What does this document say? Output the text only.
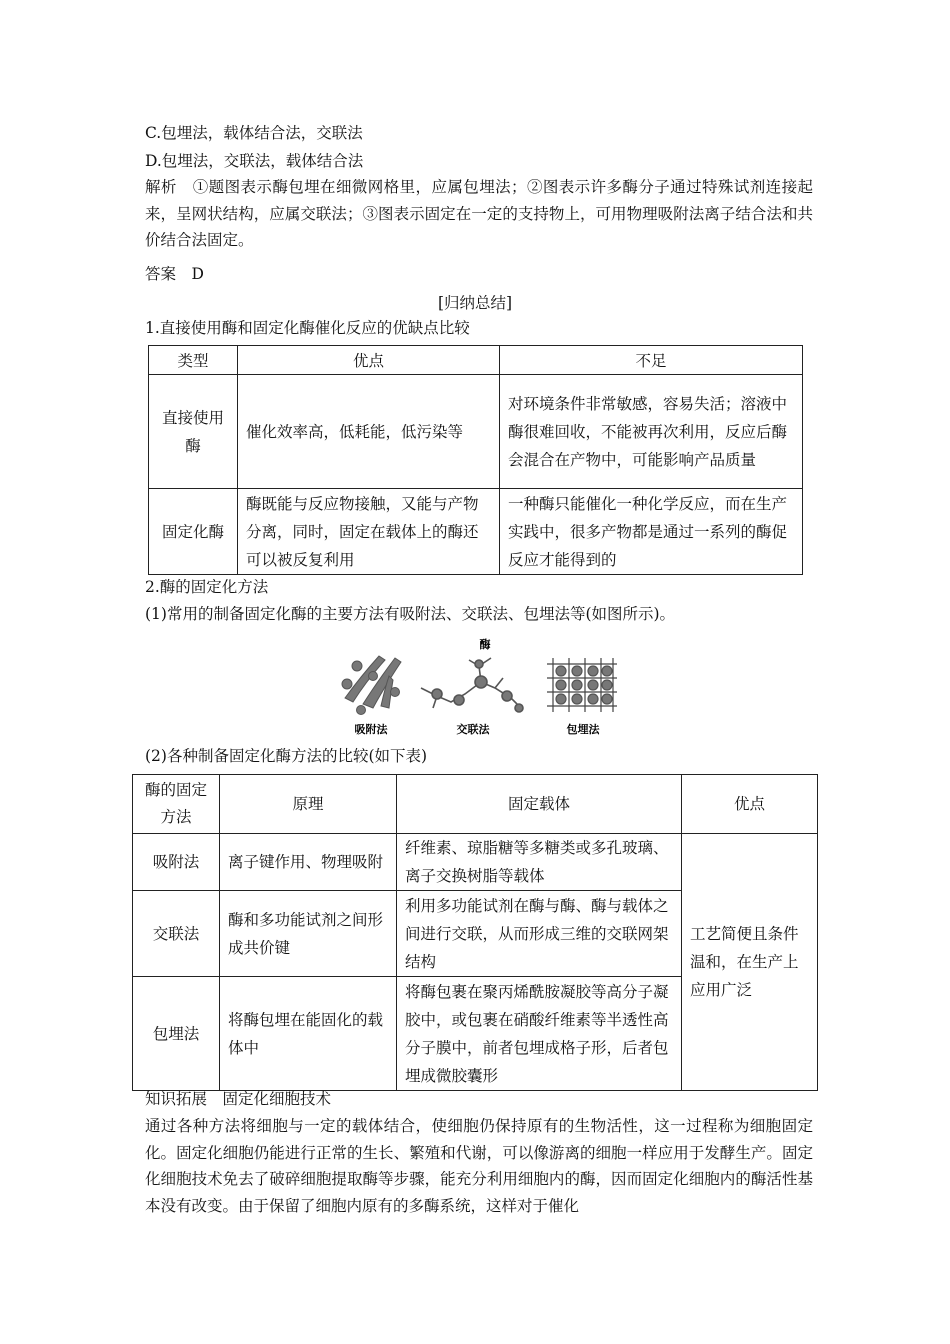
C.包埋法，载体结合法，交联法
D.包埋法，交联法，载体结合法
解析　①题图表示酶包埋在细微网格里，应属包埋法；②图表示许多酶分子通过特殊试剂连接起来，呈网状结构，应属交联法；③图表示固定在一定的支持物上，可用物理吸附法离子结合法和共价结合法固定。
答案　D
[归纳总结]
1.直接使用酶和固定化酶催化反应的优缺点比较
类型	优点	不足
直接使用酶	催化效率高，低耗能，低污染等	对环境条件非常敏感，容易失活；溶液中酶很难回收，不能被再次利用，反应后酶会混合在产物中，可能影响产品质量
固定化酶	酶既能与反应物接触，又能与产物分离，同时，固定在载体上的酶还可以被反复利用	一种酶只能催化一种化学反应，而在生产实践中，很多产物都是通过一系列的酶促反应才能得到的
2.酶的固定化方法
(1)常用的制备固定化酶的主要方法有吸附法、交联法、包埋法等(如图所示)。
酶
吸附法	交联法	包埋法
(2)各种制备固定化酶方法的比较(如下表)
酶的固定方法	原理	固定载体	优点
吸附法	离子键作用、物理吸附	纤维素、琼脂糖等多糖类或多孔玻璃、离子交换树脂等载体	工艺简便且条件温和，在生产上应用广泛
交联法	酶和多功能试剂之间形成共价键	利用多功能试剂在酶与酶、酶与载体之间进行交联，从而形成三维的交联网架结构	
包埋法	将酶包埋在能固化的载体中	将酶包裹在聚丙烯酰胺凝胶等高分子凝胶中，或包裹在硝酸纤维素等半透性高分子膜中，前者包埋成格子形，后者包埋成微胶囊形	
知识拓展　固定化细胞技术
通过各种方法将细胞与一定的载体结合，使细胞仍保持原有的生物活性，这一过程称为细胞固定化。固定化细胞仍能进行正常的生长、繁殖和代谢，可以像游离的细胞一样应用于发酵生产。固定化细胞技术免去了破碎细胞提取酶等步骤，能充分利用细胞内的酶，因而固定化细胞内的酶活性基本没有改变。由于保留了细胞内原有的多酶系统，这样对于催化
